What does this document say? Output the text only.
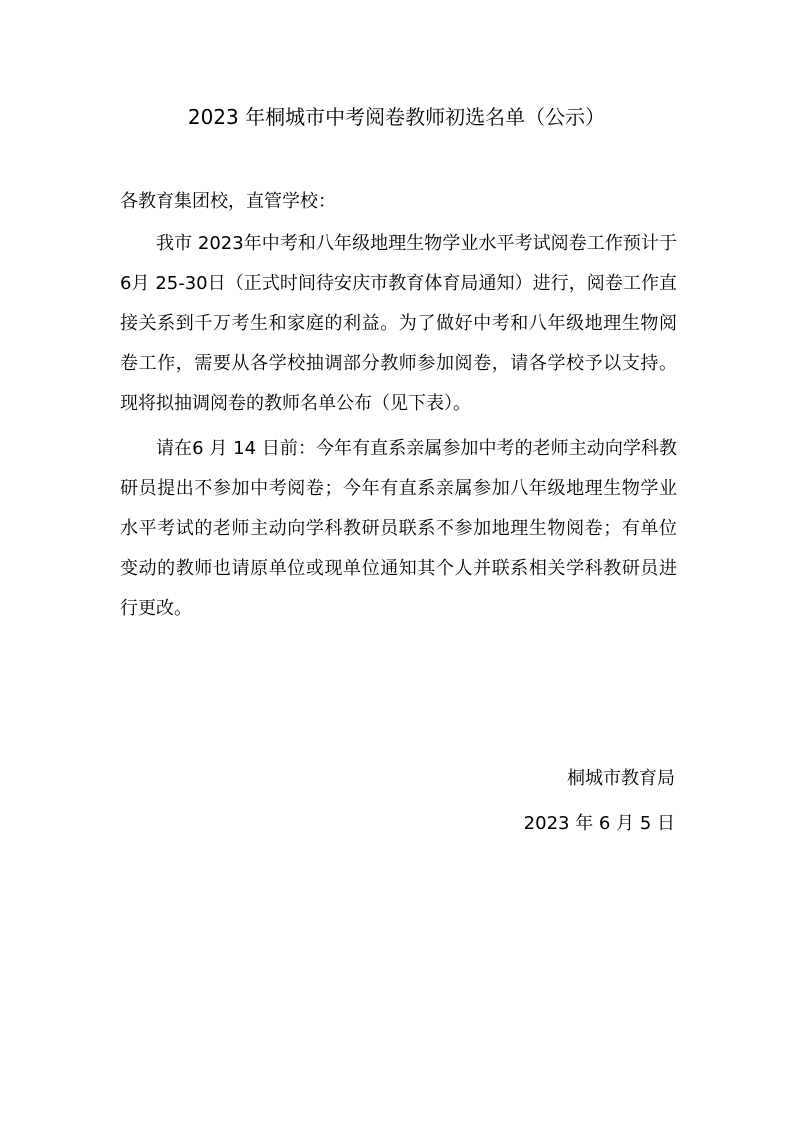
2023 年桐城市中考阅卷教师初选名单（公示）
各教育集团校，直管学校：

我市 2023年中考和八年级地理生物学业水平考试阅卷工作预计于6月 25-30日（正式时间待安庆市教育体育局通知）进行，阅卷工作直接关系到千万考生和家庭的利益。为了做好中考和八年级地理生物阅卷工作，需要从各学校抽调部分教师参加阅卷，请各学校予以支持。现将拟抽调阅卷的教师名单公布（见下表）。

请在6 月 14 日前：今年有直系亲属参加中考的老师主动向学科教研员提出不参加中考阅卷；今年有直系亲属参加八年级地理生物学业水平考试的老师主动向学科教研员联系不参加地理生物阅卷；有单位变动的教师也请原单位或现单位通知其个人并联系相关学科教研员进行更改。

桐城市教育局
2023 年 6 月 5 日
